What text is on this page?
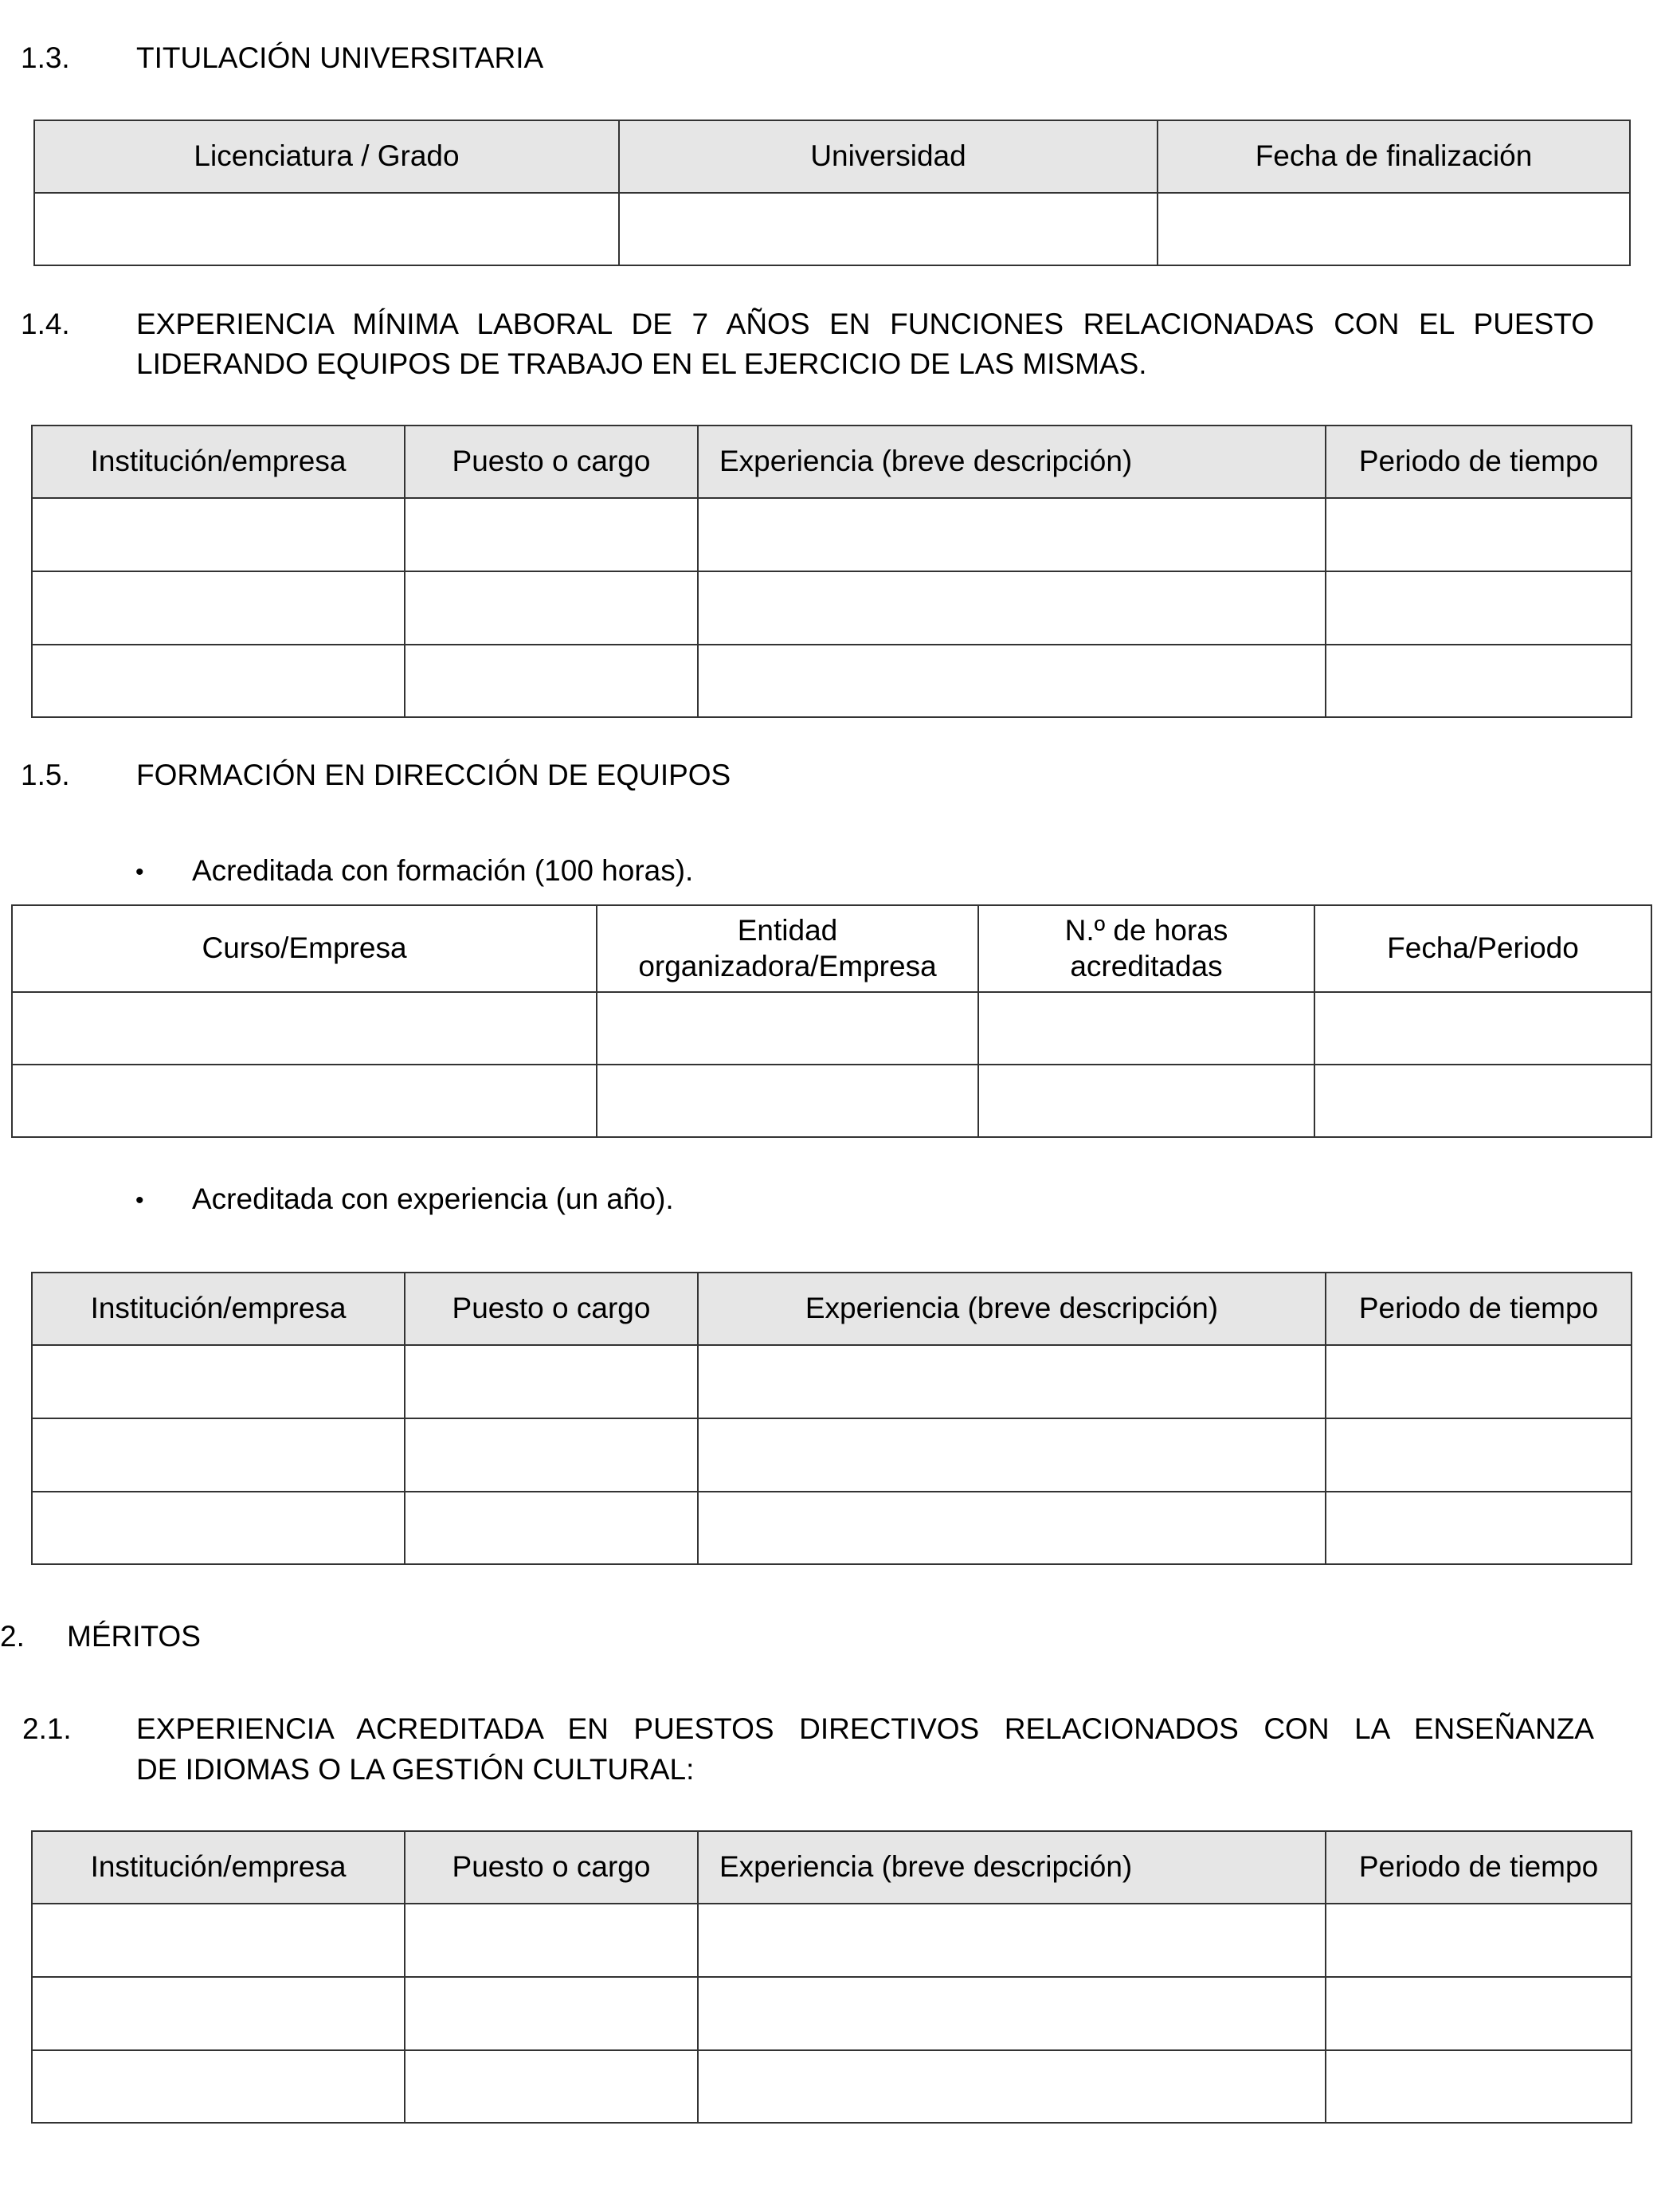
1.3. TITULACIÓN UNIVERSITARIA
Licenciatura / Grado	Universidad	Fecha de finalización

1.4. EXPERIENCIA MÍNIMA LABORAL DE 7 AÑOS EN FUNCIONES RELACIONADAS CON EL PUESTO
LIDERANDO EQUIPOS DE TRABAJO EN EL EJERCICIO DE LAS MISMAS.
Institución/empresa	Puesto o cargo	Experiencia (breve descripción)	Periodo de tiempo

1.5. FORMACIÓN EN DIRECCIÓN DE EQUIPOS
• Acreditada con formación (100 horas).
Curso/Empresa	Entidad organizadora/Empresa	N.º de horas acreditadas	Fecha/Periodo

• Acreditada con experiencia (un año).
Institución/empresa	Puesto o cargo	Experiencia (breve descripción)	Periodo de tiempo

2. MÉRITOS
2.1. EXPERIENCIA ACREDITADA EN PUESTOS DIRECTIVOS RELACIONADOS CON LA ENSEÑANZA
DE IDIOMAS O LA GESTIÓN CULTURAL:
Institución/empresa	Puesto o cargo	Experiencia (breve descripción)	Periodo de tiempo
